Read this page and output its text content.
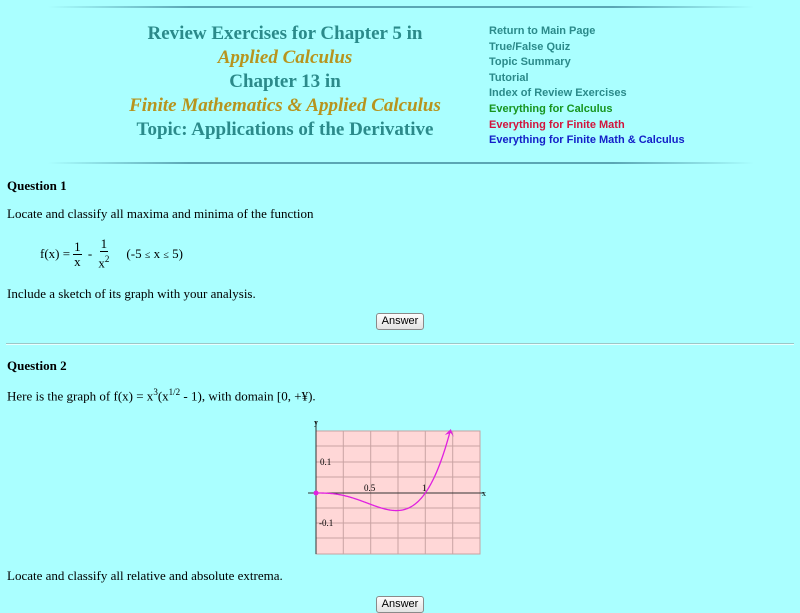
Review Exercises for Chapter 5 in
Applied Calculus
Chapter 13 in
Finite Mathematics & Applied Calculus
Topic: Applications of the Derivative
Return to Main Page
True/False Quiz
Topic Summary
Tutorial
Index of Review Exercises
Everything for Calculus
Everything for Finite Math
Everything for Finite Math & Calculus
Question 1
Locate and classify all maxima and minima of the function
$f(x) = \frac{1}{x} - \frac{1}{x^2} (-5 \le x \le 5)$
Include a sketch of its graph with your analysis.
Answer
Question 2
Here is the graph of $f(x) = x^3(x^{1/2} - 1)$, with domain [0, +¥).
y
x
0.1
-0.1
0.5	1
Locate and classify all relative and absolute extrema.
Answer
